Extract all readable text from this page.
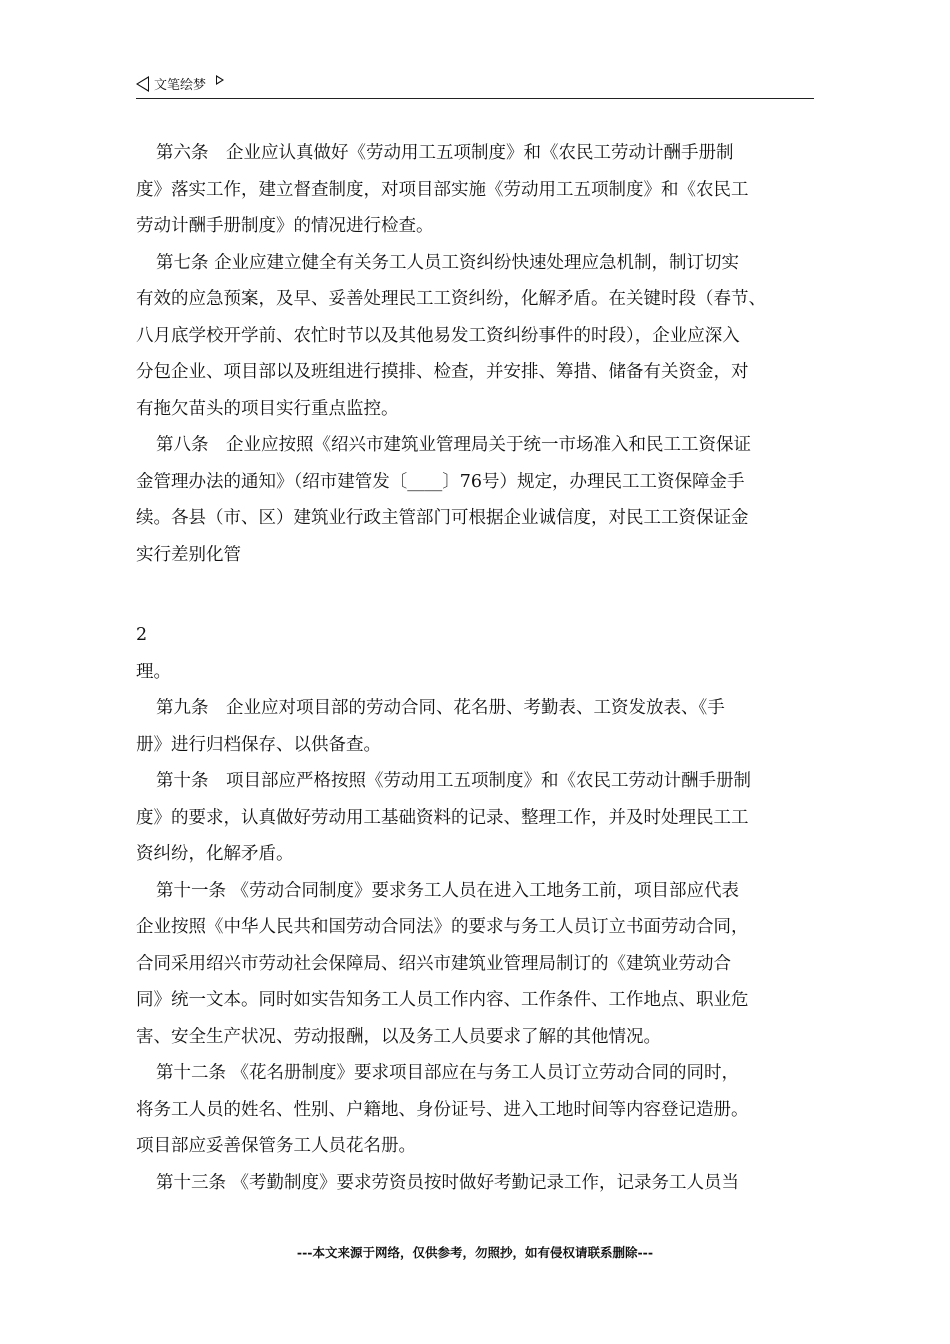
文笔绘梦
第六条　企业应认真做好《劳动用工五项制度》和《农民工劳动计酬手册制
度》落实工作，建立督查制度，对项目部实施《劳动用工五项制度》和《农民工
劳动计酬手册制度》的情况进行检查。
第七条 企业应建立健全有关务工人员工资纠纷快速处理应急机制，制订切实
有效的应急预案，及早、妥善处理民工工资纠纷，化解矛盾。在关键时段（春节、
八月底学校开学前、农忙时节以及其他易发工资纠纷事件的时段），企业应深入
分包企业、项目部以及班组进行摸排、检查，并安排、筹措、储备有关资金，对
有拖欠苗头的项目实行重点监控。
第八条　企业应按照《绍兴市建筑业管理局关于统一市场准入和民工工资保证
金管理办法的通知》（绍市建管发〔____〕76号）规定，办理民工工资保障金手
续。各县（市、区）建筑业行政主管部门可根据企业诚信度，对民工工资保证金
实行差别化管
2
理。
第九条　企业应对项目部的劳动合同、花名册、考勤表、工资发放表、《手
册》进行归档保存、以供备查。
第十条　项目部应严格按照《劳动用工五项制度》和《农民工劳动计酬手册制
度》的要求，认真做好劳动用工基础资料的记录、整理工作，并及时处理民工工
资纠纷，化解矛盾。
第十一条 《劳动合同制度》要求务工人员在进入工地务工前，项目部应代表
企业按照《中华人民共和国劳动合同法》的要求与务工人员订立书面劳动合同，
合同采用绍兴市劳动社会保障局、绍兴市建筑业管理局制订的《建筑业劳动合
同》统一文本。同时如实告知务工人员工作内容、工作条件、工作地点、职业危
害、安全生产状况、劳动报酬，以及务工人员要求了解的其他情况。
第十二条 《花名册制度》要求项目部应在与务工人员订立劳动合同的同时，
将务工人员的姓名、性别、户籍地、身份证号、进入工地时间等内容登记造册。
项目部应妥善保管务工人员花名册。
第十三条 《考勤制度》要求劳资员按时做好考勤记录工作，记录务工人员当
---本文来源于网络，仅供参考，勿照抄，如有侵权请联系删除---
